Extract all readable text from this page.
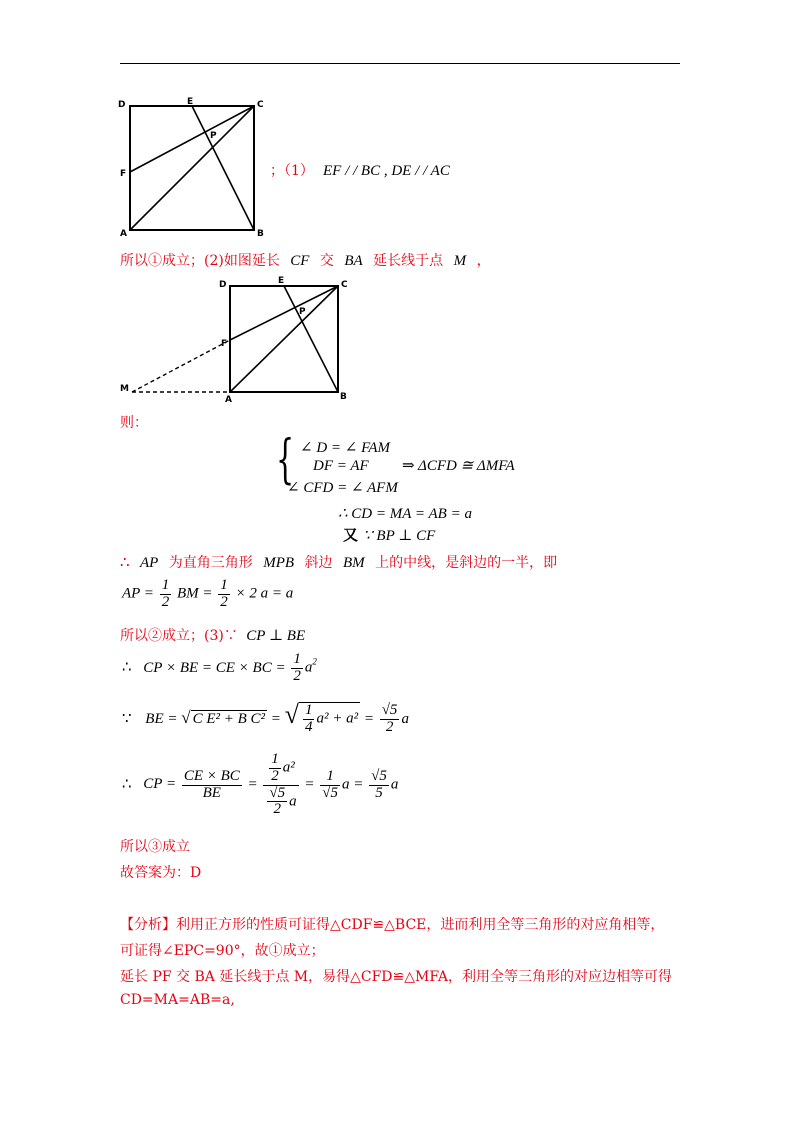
D	E	C
P
F
A	B
；（1） EF / / BC , DE / / AC
所以①成立；(2)如图延长 CF 交 BA 延长线于点 M ，
D	E	C
P
F
M
A	B
则：
{ ∠ D = ∠ FAM
DF = AF
∠ CFD = ∠ AFM
⇒ ΔCFD ≅ ΔMFA
∴ CD = MA = AB = a
又 ∵ BP ⊥ CF
∴ AP 为直角三角形 MPB 斜边 BM 上的中线，是斜边的一半，即
AP = $\frac{1}{2}$ BM = $\frac{1}{2} \times 2$ a = a
所以②成立；(3)∵ CP ⊥ BE
∴ CP × BE = CE × BC = $\frac{1}{2} a^2$
∵ BE = √ C E² + B C² = √ $\frac{1}{4} a^2 + a^2 = \frac{√5}{2}$ a
∴ CP = $\frac{CE \times BC}{BE} = \frac{\frac{1}{2} a^2}{\frac{√5}{2} a} = \frac{1}{√5}$ $a = \frac{√5}{5}$ a
所以③成立
故答案为：D
【分析】利用正方形的性质可证得△CDF≌△BCE，进而利用全等三角形的对应角相等，
可证得∠EPC=90°，故①成立；
延长 PF 交 BA 延长线于点 M，易得△CFD≌△MFA，利用全等三角形的对应边相等可得
CD=MA=AB=a,
